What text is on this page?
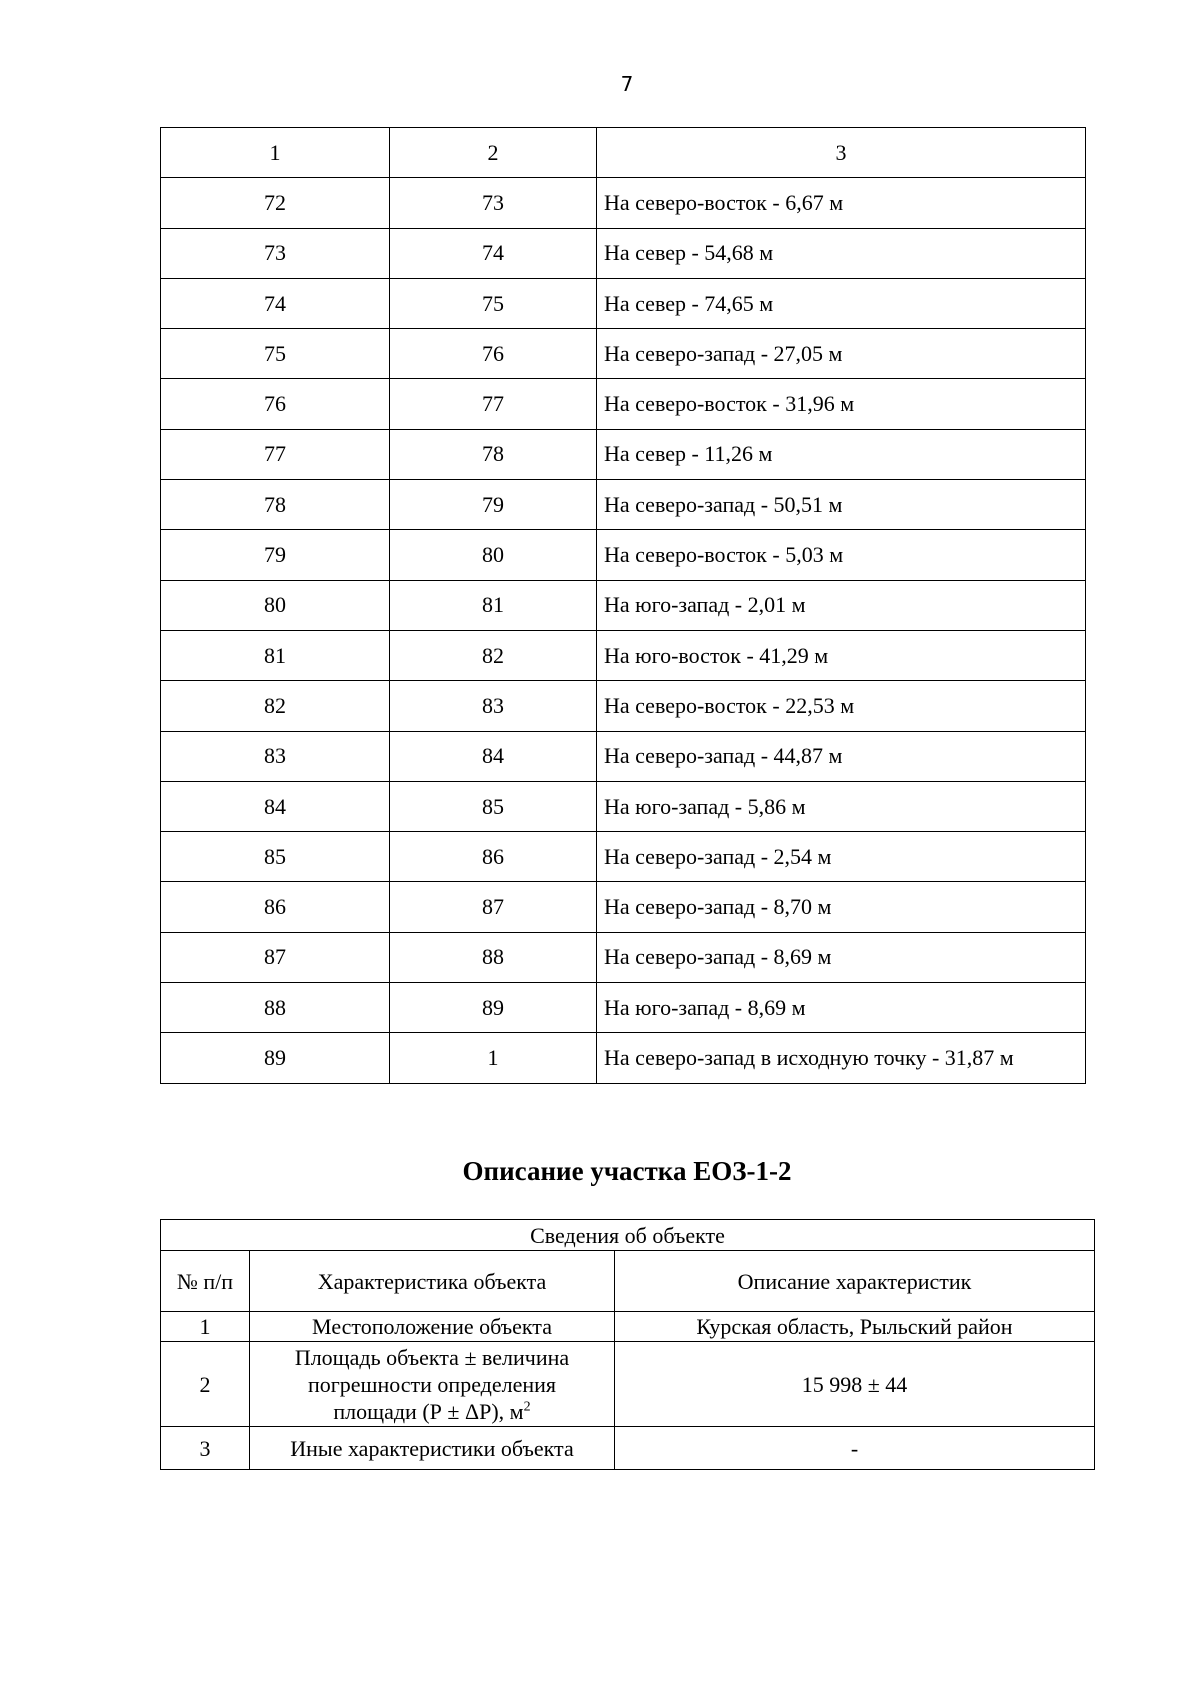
7
1	2	3
72	73	На северо-восток - 6,67 м
73	74	На север - 54,68 м
74	75	На север - 74,65 м
75	76	На северо-запад - 27,05 м
76	77	На северо-восток - 31,96 м
77	78	На север - 11,26 м
78	79	На северо-запад - 50,51 м
79	80	На северо-восток - 5,03 м
80	81	На юго-запад - 2,01 м
81	82	На юго-восток - 41,29 м
82	83	На северо-восток - 22,53 м
83	84	На северо-запад - 44,87 м
84	85	На юго-запад - 5,86 м
85	86	На северо-запад - 2,54 м
86	87	На северо-запад - 8,70 м
87	88	На северо-запад - 8,69 м
88	89	На юго-запад - 8,69 м
89	1	На северо-запад в исходную точку - 31,87 м
Описание участка ЕОЗ-1-2
Сведения об объекте		
№ п/п	Характеристика объекта	Описание характеристик
1	Местоположение объекта	Курская область, Рыльский район
2	Площадь объекта ± величина
погрешности определения
площади (Р ± ΔР), $м^2$	15 998 ± 44
3	Иные характеристики объекта	-
